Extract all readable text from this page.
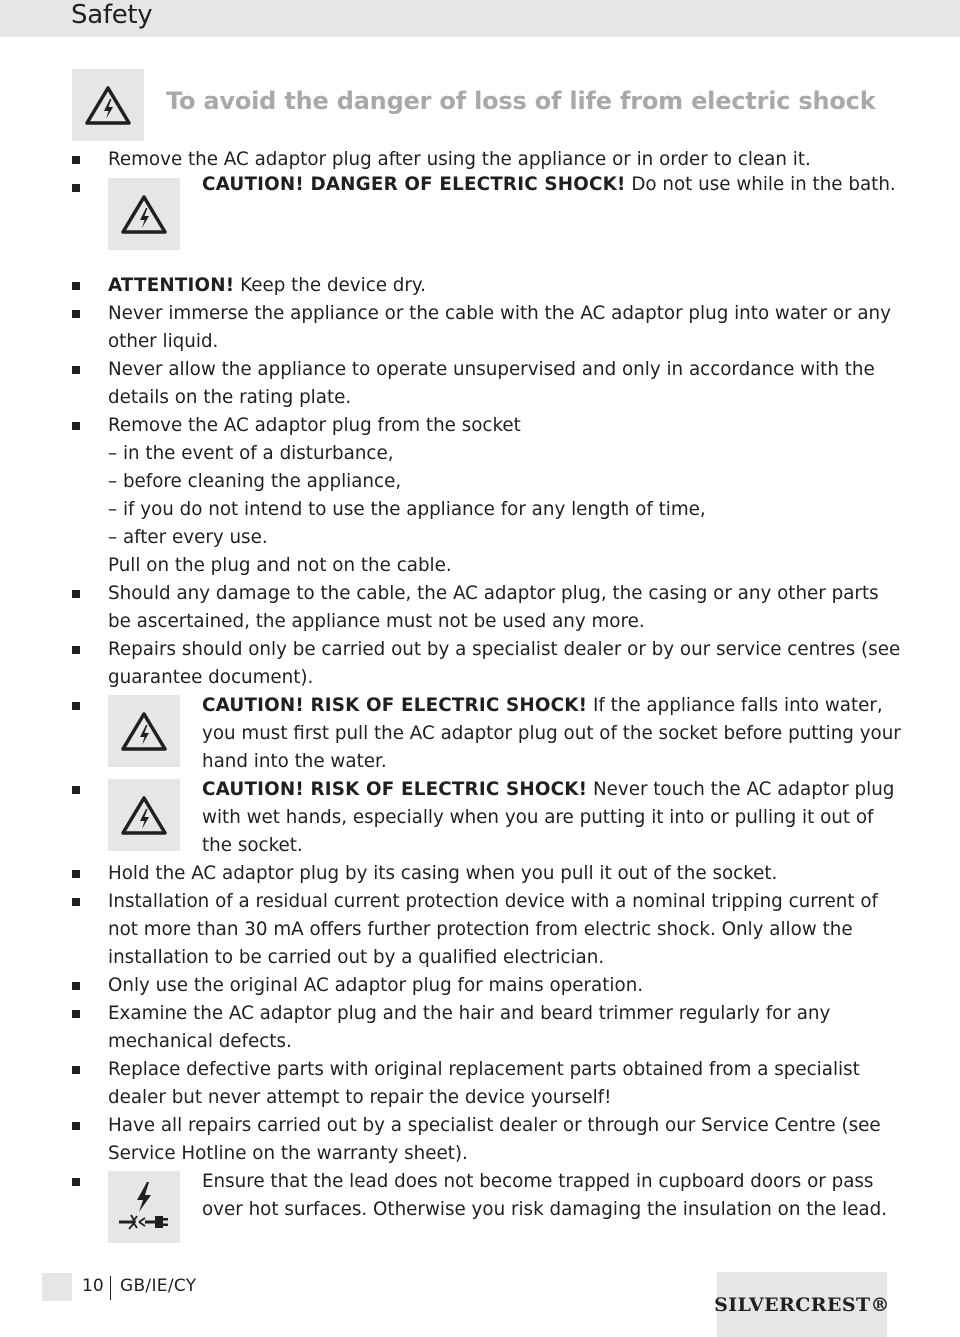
Safety
To avoid the danger of loss of life from electric shock

Remove the AC adaptor plug after using the appliance or in order to clean it.

CAUTION! DANGER OF ELECTRIC SHOCK! Do not use while in the bath.

ATTENTION! Keep the device dry.

Never immerse the appliance or the cable with the AC adaptor plug into water or any other liquid.

Never allow the appliance to operate unsupervised and only in accordance with the details on the rating plate.

Remove the AC adaptor plug from the socket

– in the event of a disturbance,

– before cleaning the appliance,

– if you do not intend to use the appliance for any length of time,

– after every use.

Pull on the plug and not on the cable.

Should any damage to the cable, the AC adaptor plug, the casing or any other parts be ascertained, the appliance must not be used any more.

Repairs should only be carried out by a specialist dealer or by our service centres (see guarantee document).

CAUTION! RISK OF ELECTRIC SHOCK! If the appliance falls into water, you must first pull the AC adaptor plug out of the socket before putting your hand into the water.

CAUTION! RISK OF ELECTRIC SHOCK! Never touch the AC adaptor plug with wet hands, especially when you are putting it into or pulling it out of the socket.

Hold the AC adaptor plug by its casing when you pull it out of the socket.

Installation of a residual current protection device with a nominal tripping current of not more than 30 mA offers further protection from electric shock. Only allow the installation to be carried out by a qualified electrician.

Only use the original AC adaptor plug for mains operation.

Examine the AC adaptor plug and the hair and beard trimmer regularly for any mechanical defects.

Replace defective parts with original replacement parts obtained from a specialist dealer but never attempt to repair the device yourself!

Have all repairs carried out by a specialist dealer or through our Service Centre (see Service Hotline on the warranty sheet).

Ensure that the lead does not become trapped in cupboard doors or pass over hot surfaces. Otherwise you risk damaging the insulation on the lead.

10 GB/IE/CY
SILVERCREST®
